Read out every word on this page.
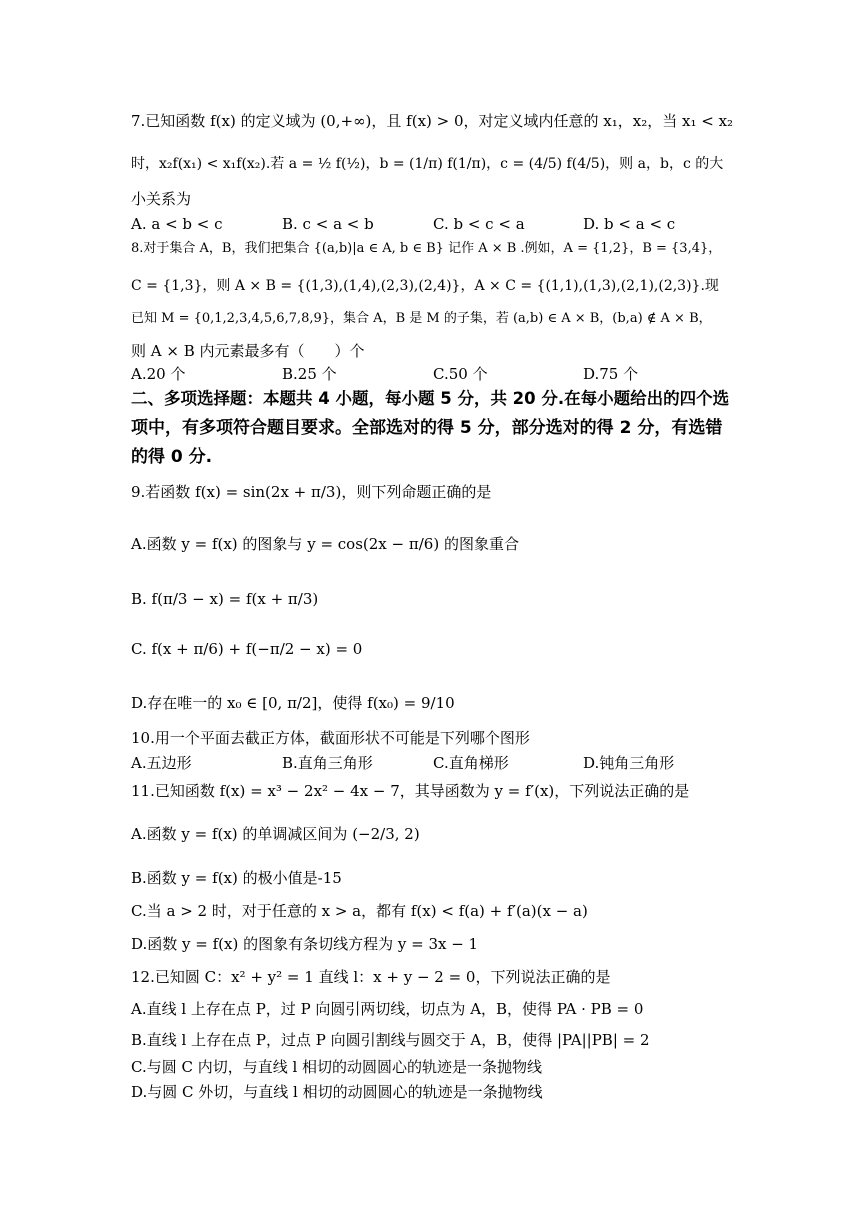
7.已知函数 f(x) 的定义域为 (0,+∞)，且 f(x) > 0，对定义域内任意的 x₁，x₂，当 x₁ < x₂
时，x₂f(x₁) < x₁f(x₂).若 a = ½ f(½)，b = (1/π) f(1/π)，c = (4/5) f(4/5)，则 a，b，c 的大
小关系为
A. a < b < c	B. c < a < b	C. b < c < a	D. b < a < c
8.对于集合 A，B，我们把集合 {(a,b)|a ∈ A, b ∈ B} 记作 A × B .例如，A = {1,2}，B = {3,4}，
C = {1,3}，则 A × B = {(1,3),(1,4),(2,3),(2,4)}，A × C = {(1,1),(1,3),(2,1),(2,3)}.现
已知 M = {0,1,2,3,4,5,6,7,8,9}，集合 A，B 是 M 的子集，若 (a,b) ∈ A × B，(b,a) ∉ A × B，
则 A × B 内元素最多有（　　）个
A.20 个	B.25 个	C.50 个	D.75 个
二、多项选择题：本题共 4 小题，每小题 5 分，共 20 分.在每小题给出的四个选
项中，有多项符合题目要求。全部选对的得 5 分，部分选对的得 2 分，有选错
的得 0 分.
9.若函数 f(x) = sin(2x + π/3)，则下列命题正确的是
A.函数 y = f(x) 的图象与 y = cos(2x − π/6) 的图象重合
B. f(π/3 − x) = f(x + π/3)
C. f(x + π/6) + f(−π/2 − x) = 0
D.存在唯一的 x₀ ∈ [0, π/2]，使得 f(x₀) = 9/10
10.用一个平面去截正方体，截面形状不可能是下列哪个图形
A.五边形	B.直角三角形	C.直角梯形	D.钝角三角形
11.已知函数 f(x) = x³ − 2x² − 4x − 7，其导函数为 y = f′(x)，下列说法正确的是
A.函数 y = f(x) 的单调减区间为 (−2/3, 2)
B.函数 y = f(x) 的极小值是-15
C.当 a > 2 时，对于任意的 x > a，都有 f(x) < f(a) + f′(a)(x − a)
D.函数 y = f(x) 的图象有条切线方程为 y = 3x − 1
12.已知圆 C：x² + y² = 1 直线 l：x + y − 2 = 0，下列说法正确的是
A.直线 l 上存在点 P，过 P 向圆引两切线，切点为 A，B，使得 PA · PB = 0
B.直线 l 上存在点 P，过点 P 向圆引割线与圆交于 A，B，使得 |PA||PB| = 2
C.与圆 C 内切，与直线 l 相切的动圆圆心的轨迹是一条抛物线
D.与圆 C 外切，与直线 l 相切的动圆圆心的轨迹是一条抛物线
